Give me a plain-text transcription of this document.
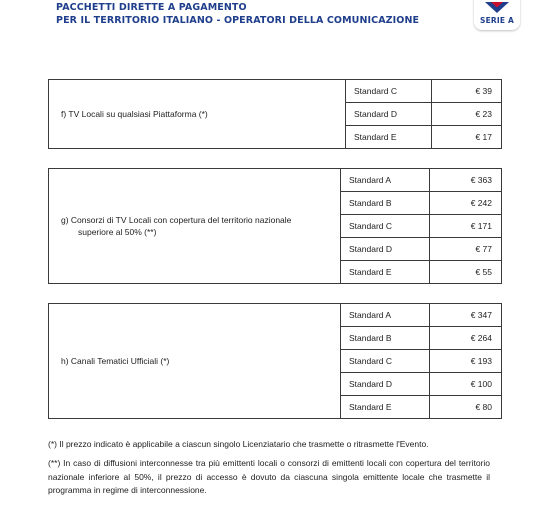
PACCHETTI DIRETTE A PAGAMENTO
PER IL TERRITORIO ITALIANO - OPERATORI DELLA COMUNICAZIONE	SERIE A
f) TV Locali su qualsiasi Piattaforma (*)	Standard C	€ 39
	Standard D	€ 23
	Standard E	€ 17
g) Consorzi di TV Locali con copertura del territorio nazionale
superiore al 50% (**)	Standard A	€ 363
	Standard B	€ 242
	Standard C	€ 171
	Standard D	€ 77
	Standard E	€ 55
h) Canali Tematici Ufficiali (*)	Standard A	€ 347
	Standard B	€ 264
	Standard C	€ 193
	Standard D	€ 100
	Standard E	€ 80

(*) Il prezzo indicato è applicabile a ciascun singolo Licenziatario che trasmette o ritrasmette l'Evento.

(**) In caso di diffusioni interconnesse tra più emittenti locali o consorzi di emittenti locali con copertura del territorio nazionale inferiore al 50%, il prezzo di accesso è dovuto da ciascuna singola emittente locale che trasmette il programma in regime di interconnessione.
